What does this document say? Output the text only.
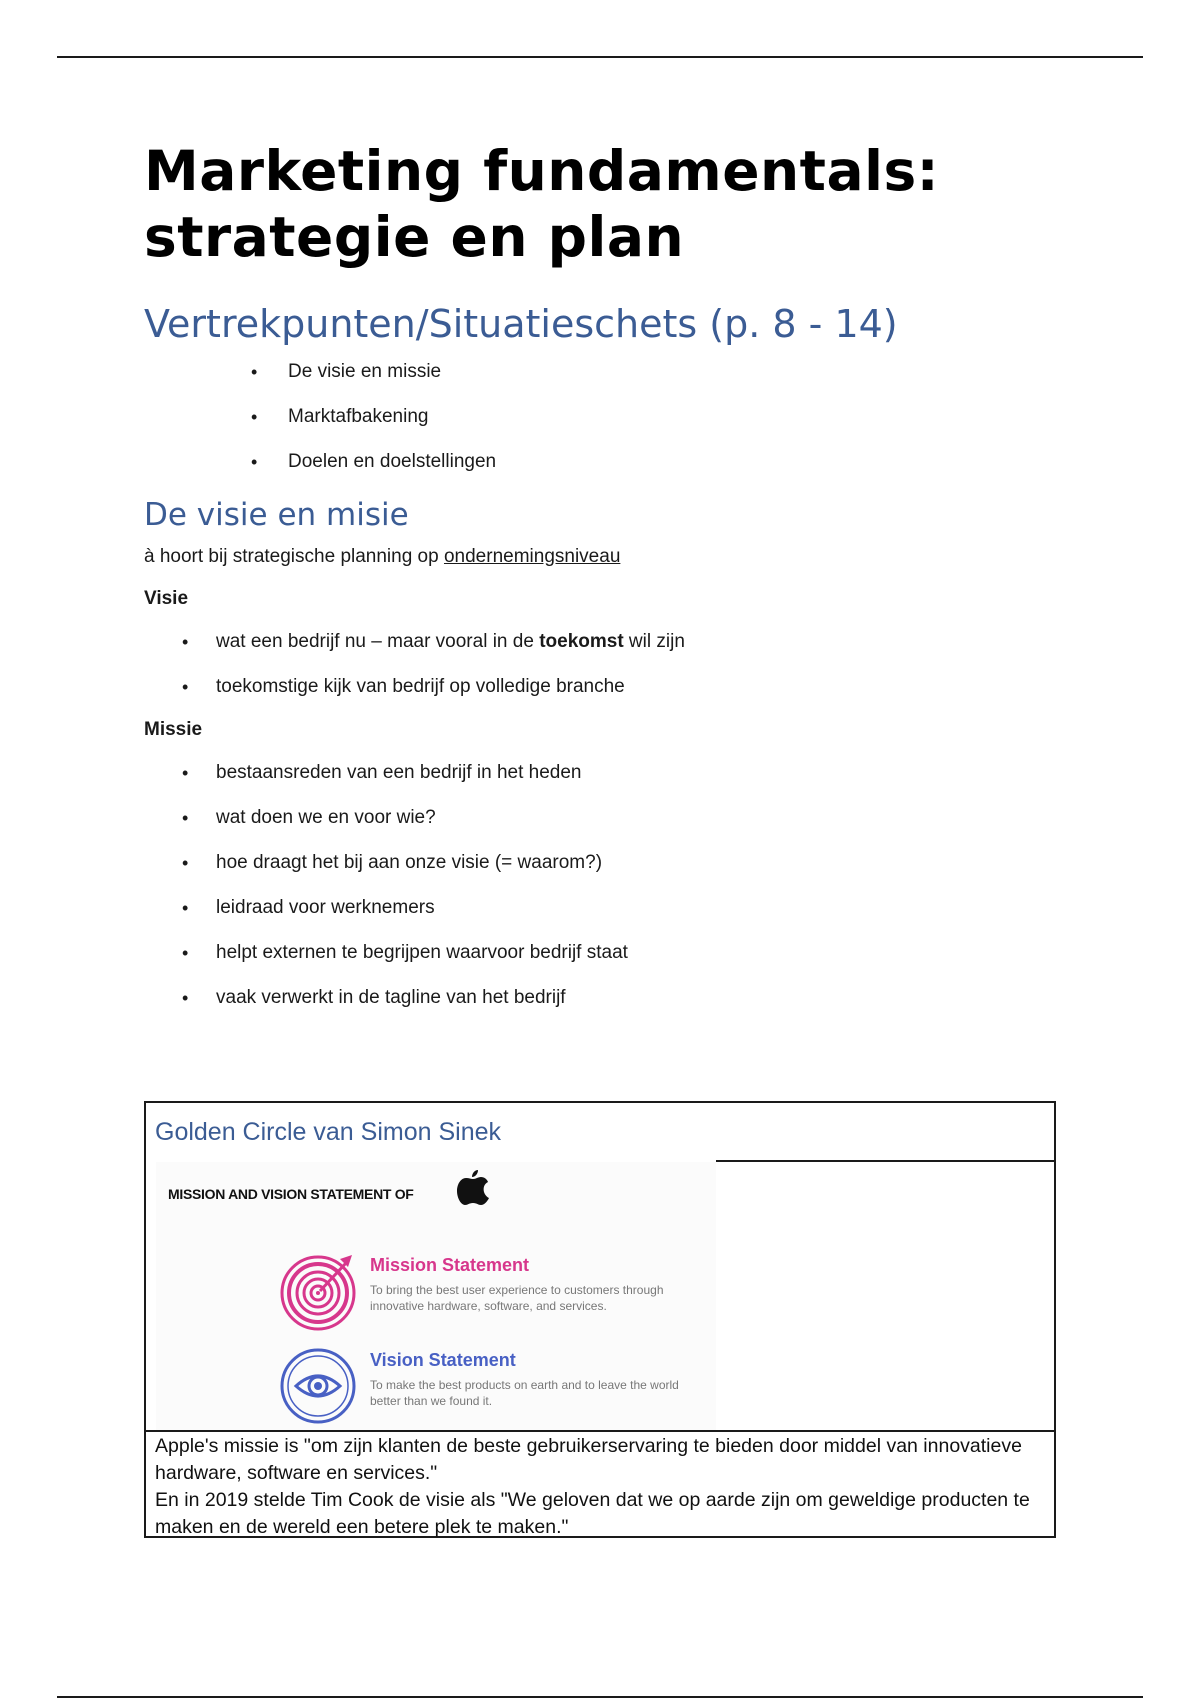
Marketing fundamentals:
strategie en plan
Vertrekpunten/Situatieschets (p. 8 - 14)
• De visie en missie
• Marktafbakening
• Doelen en doelstellingen
De visie en misie

à hoort bij strategische planning op ondernemingsniveau

Visie

• wat een bedrijf nu – maar vooral in de toekomst wil zijn
• toekomstige kijk van bedrijf op volledige branche

Missie

• bestaansreden van een bedrijf in het heden
• wat doen we en voor wie?
• hoe draagt het bij aan onze visie (= waarom?)
• leidraad voor werknemers
• helpt externen te begrijpen waarvoor bedrijf staat
• vaak verwerkt in de tagline van het bedrijf
Golden Circle van Simon Sinek
MISSION AND VISION STATEMENT OF
Mission Statement
To bring the best user experience to customers through innovative hardware, software, and services.
Vision Statement
To make the best products on earth and to leave the world better than we found it.

Apple's missie is "om zijn klanten de beste gebruikerservaring te bieden door middel van innovatieve hardware, software en services."

En in 2019 stelde Tim Cook de visie als "We geloven dat we op aarde zijn om geweldige producten te maken en de wereld een betere plek te maken."
